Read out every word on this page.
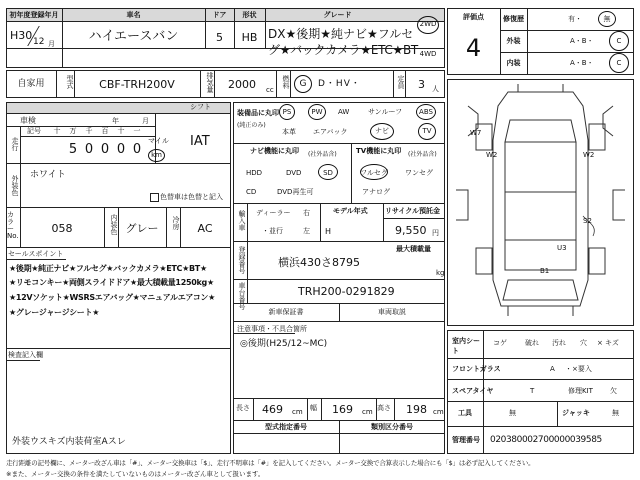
初年度登録年月	車名	ドア	形状	グレード
H30 12 月	ハイエースバン	5	HB DX★後期★純ナビ★フルセ
グ★バックカメラ★ETC★BT
2WD
4WD
自家用	型式	CBF-TRH200V	排気量 2000 cc
燃料	G	D・HV・	定員 3 人
シフト
車検	年	月
走行
記号	十	万	千	百	十	一
5 0 0 0 0
マイル
km
IAT
外装色 ホワイト
色替車は色替と記入
カラーNo.
058	内装色 グレー	冷房	AC
セールスポイント
★後期★純正ナビ★フルセグ★バックカメラ★ETC★BT★
★リモコンキー★両側スライドドア★最大積載量1250kg★
★12Vソケット★WSRSエアバッグ★マニュアルエアコン★
★グレージャージシート★
検査記入欄
外装ウスキズ内装荷室Aスレ
装備品に丸印
(純正のみ)
PS	PW	AW	サンルーフ	ABS
本革 エアバック	ナビ	TV
ナビ機能に丸印 (社外品含)
HDD	DVD	SD
CD	DVD再生可
TV機能に丸印 (社外品含)
フルセグ ワンセグ
アナログ
輸入車 ディーラー
・並行
右
左
モデル年式
H
リサイクル預託金
9,550 円
登録番号	最大積載量
横浜430さ8795
kg
車台番号	TRH200-0291829
新車保証書	車両取説
注意事項・不具合箇所
◎後期(H25/12~MC)
長さ 469 cm 幅 169 cm 高さ 198 cm
型式指定番号	類別区分番号
評価点
4
修復歴	有・	無
外装	A・B・	C
内装	A・B・	C
W7
W2	W2
S2
U3
B1
室内シート
コゲ	破れ 汚れ 穴	キズ
×
フロントガラス	A ・×要入
スペアタイヤ	T	修理KIT 欠
工具	無	ジャッキ	無
管理番号 020380002700000039585
走行距離の記号欄に、メーター改ざん車は「#」、メーター交換車は「$」、走行不明車は「#」を記入してください。メーター交換で合算表示した場合にも「$」は必ず記入してください。
※また、メーター交換の条件を満たしていないものはメーター改ざん車として扱います。
